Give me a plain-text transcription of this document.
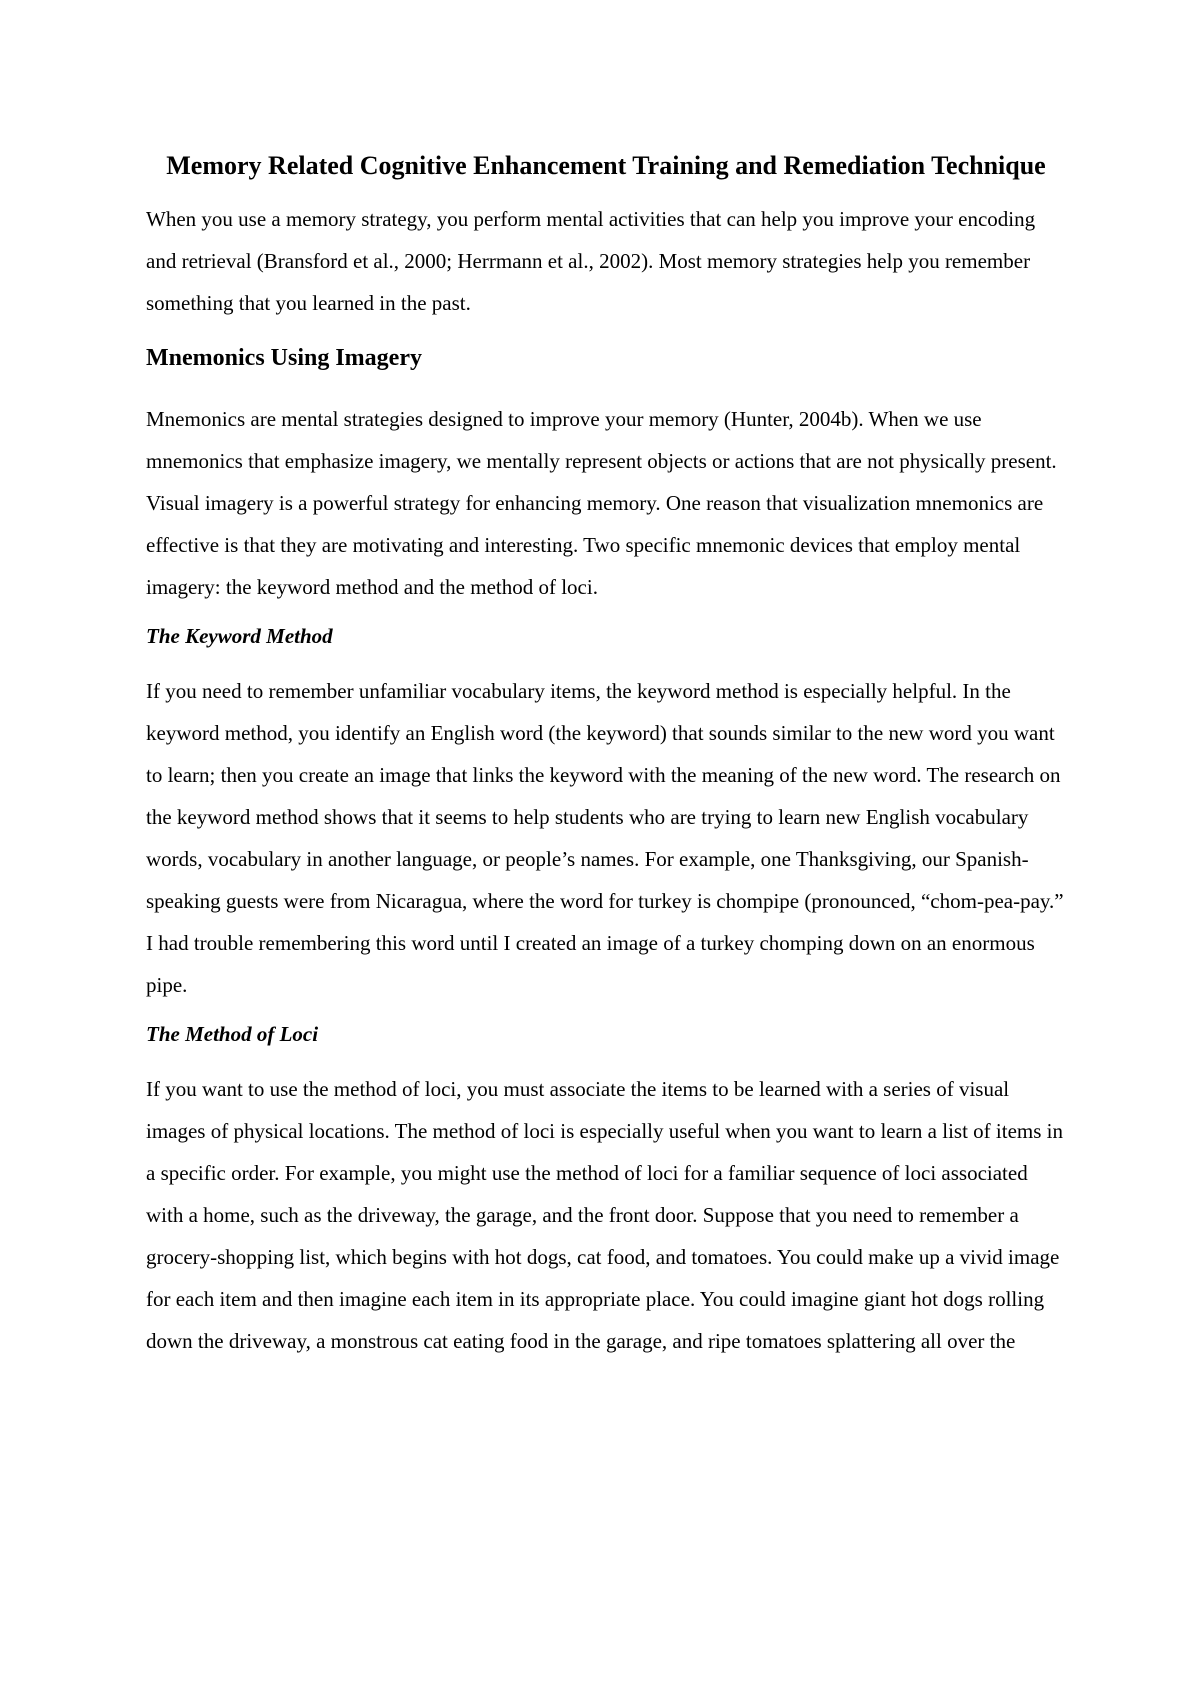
Memory Related Cognitive Enhancement Training and Remediation Technique

When you use a memory strategy, you perform mental activities that can help you improve your encoding and retrieval (Bransford et al., 2000; Herrmann et al., 2002). Most memory strategies help you remember something that you learned in the past.

Mnemonics Using Imagery

Mnemonics are mental strategies designed to improve your memory (Hunter, 2004b). When we use mnemonics that emphasize imagery, we mentally represent objects or actions that are not physically present. Visual imagery is a powerful strategy for enhancing memory. One reason that visualization mnemonics are effective is that they are motivating and interesting. Two specific mnemonic devices that employ mental imagery: the keyword method and the method of loci.

The Keyword Method

If you need to remember unfamiliar vocabulary items, the keyword method is especially helpful. In the keyword method, you identify an English word (the keyword) that sounds similar to the new word you want to learn; then you create an image that links the keyword with the meaning of the new word. The research on the keyword method shows that it seems to help students who are trying to learn new English vocabulary words, vocabulary in another language, or people’s names. For example, one Thanksgiving, our Spanish-speaking guests were from Nicaragua, where the word for turkey is chompipe (pronounced, “chom-pea-pay.” I had trouble remembering this word until I created an image of a turkey chomping down on an enormous pipe.

The Method of Loci

If you want to use the method of loci, you must associate the items to be learned with a series of visual images of physical locations. The method of loci is especially useful when you want to learn a list of items in a specific order. For example, you might use the method of loci for a familiar sequence of loci associated with a home, such as the driveway, the garage, and the front door. Suppose that you need to remember a grocery-shopping list, which begins with hot dogs, cat food, and tomatoes. You could make up a vivid image for each item and then imagine each item in its appropriate place. You could imagine giant hot dogs rolling down the driveway, a monstrous cat eating food in the garage, and ripe tomatoes splattering all over the
